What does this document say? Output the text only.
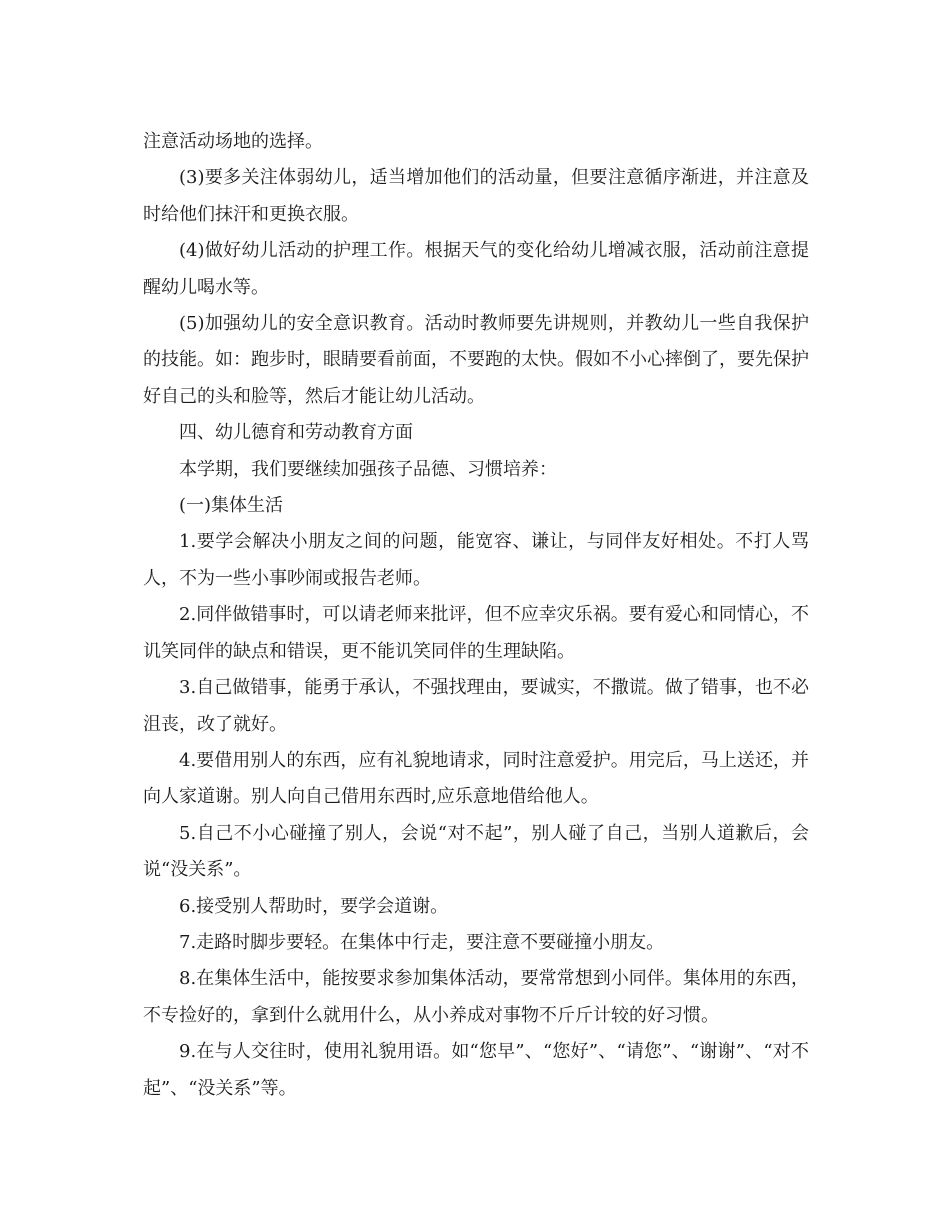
注意活动场地的选择。

(3)要多关注体弱幼儿，适当增加他们的活动量，但要注意循序渐进，并注意及时给他们抹汗和更换衣服。

(4)做好幼儿活动的护理工作。根据天气的变化给幼儿增减衣服，活动前注意提醒幼儿喝水等。

(5)加强幼儿的安全意识教育。活动时教师要先讲规则，并教幼儿一些自我保护的技能。如：跑步时，眼睛要看前面，不要跑的太快。假如不小心摔倒了，要先保护好自己的头和脸等，然后才能让幼儿活动。

四、幼儿德育和劳动教育方面

本学期，我们要继续加强孩子品德、习惯培养：

(一)集体生活

1.要学会解决小朋友之间的问题，能宽容、谦让，与同伴友好相处。不打人骂人，不为一些小事吵闹或报告老师。

2.同伴做错事时，可以请老师来批评，但不应幸灾乐祸。要有爱心和同情心，不讥笑同伴的缺点和错误，更不能讥笑同伴的生理缺陷。

3.自己做错事，能勇于承认，不强找理由，要诚实，不撒谎。做了错事，也不必沮丧，改了就好。

4.要借用别人的东西，应有礼貌地请求，同时注意爱护。用完后，马上送还，并向人家道谢。别人向自己借用东西时,应乐意地借给他人。

5.自己不小心碰撞了别人，会说“对不起”，别人碰了自己，当别人道歉后，会说“没关系”。

6.接受别人帮助时，要学会道谢。

7.走路时脚步要轻。在集体中行走，要注意不要碰撞小朋友。

8.在集体生活中，能按要求参加集体活动，要常常想到小同伴。集体用的东西，不专捡好的，拿到什么就用什么，从小养成对事物不斤斤计较的好习惯。

9.在与人交往时，使用礼貌用语。如“您早”、“您好”、“请您”、“谢谢”、“对不起”、“没关系”等。
